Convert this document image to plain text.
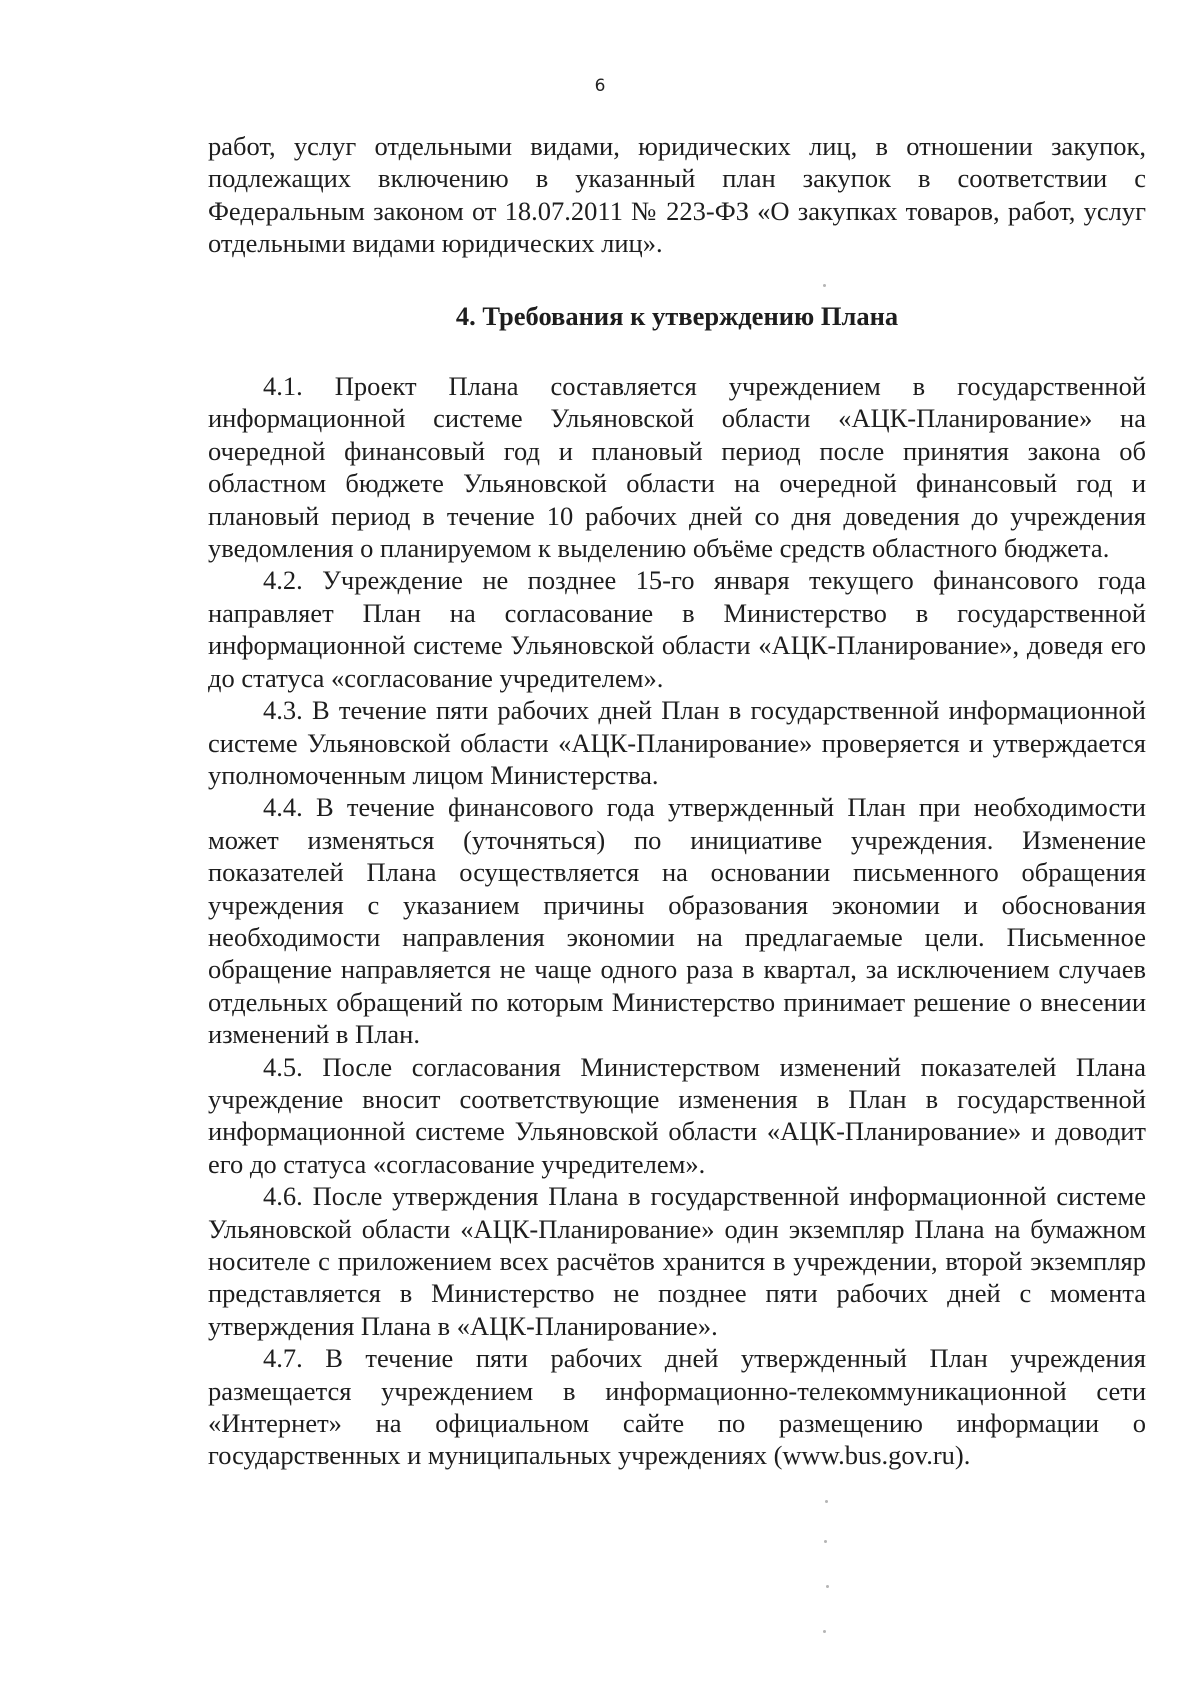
6

работ, услуг отдельными видами, юридических лиц, в отношении закупок, подлежащих включению в указанный план закупок в соответствии с Федеральным законом от 18.07.2011 № 223-ФЗ «О закупках товаров, работ, услуг отдельными видами юридических лиц».

4. Требования к утверждению Плана

4.1. Проект Плана составляется учреждением в государственной информационной системе Ульяновской области «АЦК-Планирование» на очередной финансовый год и плановый период после принятия закона об областном бюджете Ульяновской области на очередной финансовый год и плановый период в течение 10 рабочих дней со дня доведения до учреждения уведомления о планируемом к выделению объёме средств областного бюджета.

4.2. Учреждение не позднее 15-го января текущего финансового года направляет План на согласование в Министерство в государственной информационной системе Ульяновской области «АЦК-Планирование», доведя его до статуса «согласование учредителем».

4.3. В течение пяти рабочих дней План в государственной информационной системе Ульяновской области «АЦК-Планирование» проверяется и утверждается уполномоченным лицом Министерства.

4.4. В течение финансового года утвержденный План при необходимости может изменяться (уточняться) по инициативе учреждения. Изменение показателей Плана осуществляется на основании письменного обращения учреждения с указанием причины образования экономии и обоснования необходимости направления экономии на предлагаемые цели. Письменное обращение направляется не чаще одного раза в квартал, за исключением случаев отдельных обращений по которым Министерство принимает решение о внесении изменений в План.

4.5. После согласования Министерством изменений показателей Плана учреждение вносит соответствующие изменения в План в государственной информационной системе Ульяновской области «АЦК-Планирование» и доводит его до статуса «согласование учредителем».

4.6. После утверждения Плана в государственной информационной системе Ульяновской области «АЦК-Планирование» один экземпляр Плана на бумажном носителе с приложением всех расчётов хранится в учреждении, второй экземпляр представляется в Министерство не позднее пяти рабочих дней с момента утверждения Плана в «АЦК-Планирование».

4.7. В течение пяти рабочих дней утвержденный План учреждения размещается учреждением в информационно-телекоммуникационной сети «Интернет» на официальном сайте по размещению информации о государственных и муниципальных учреждениях (www.bus.gov.ru).
